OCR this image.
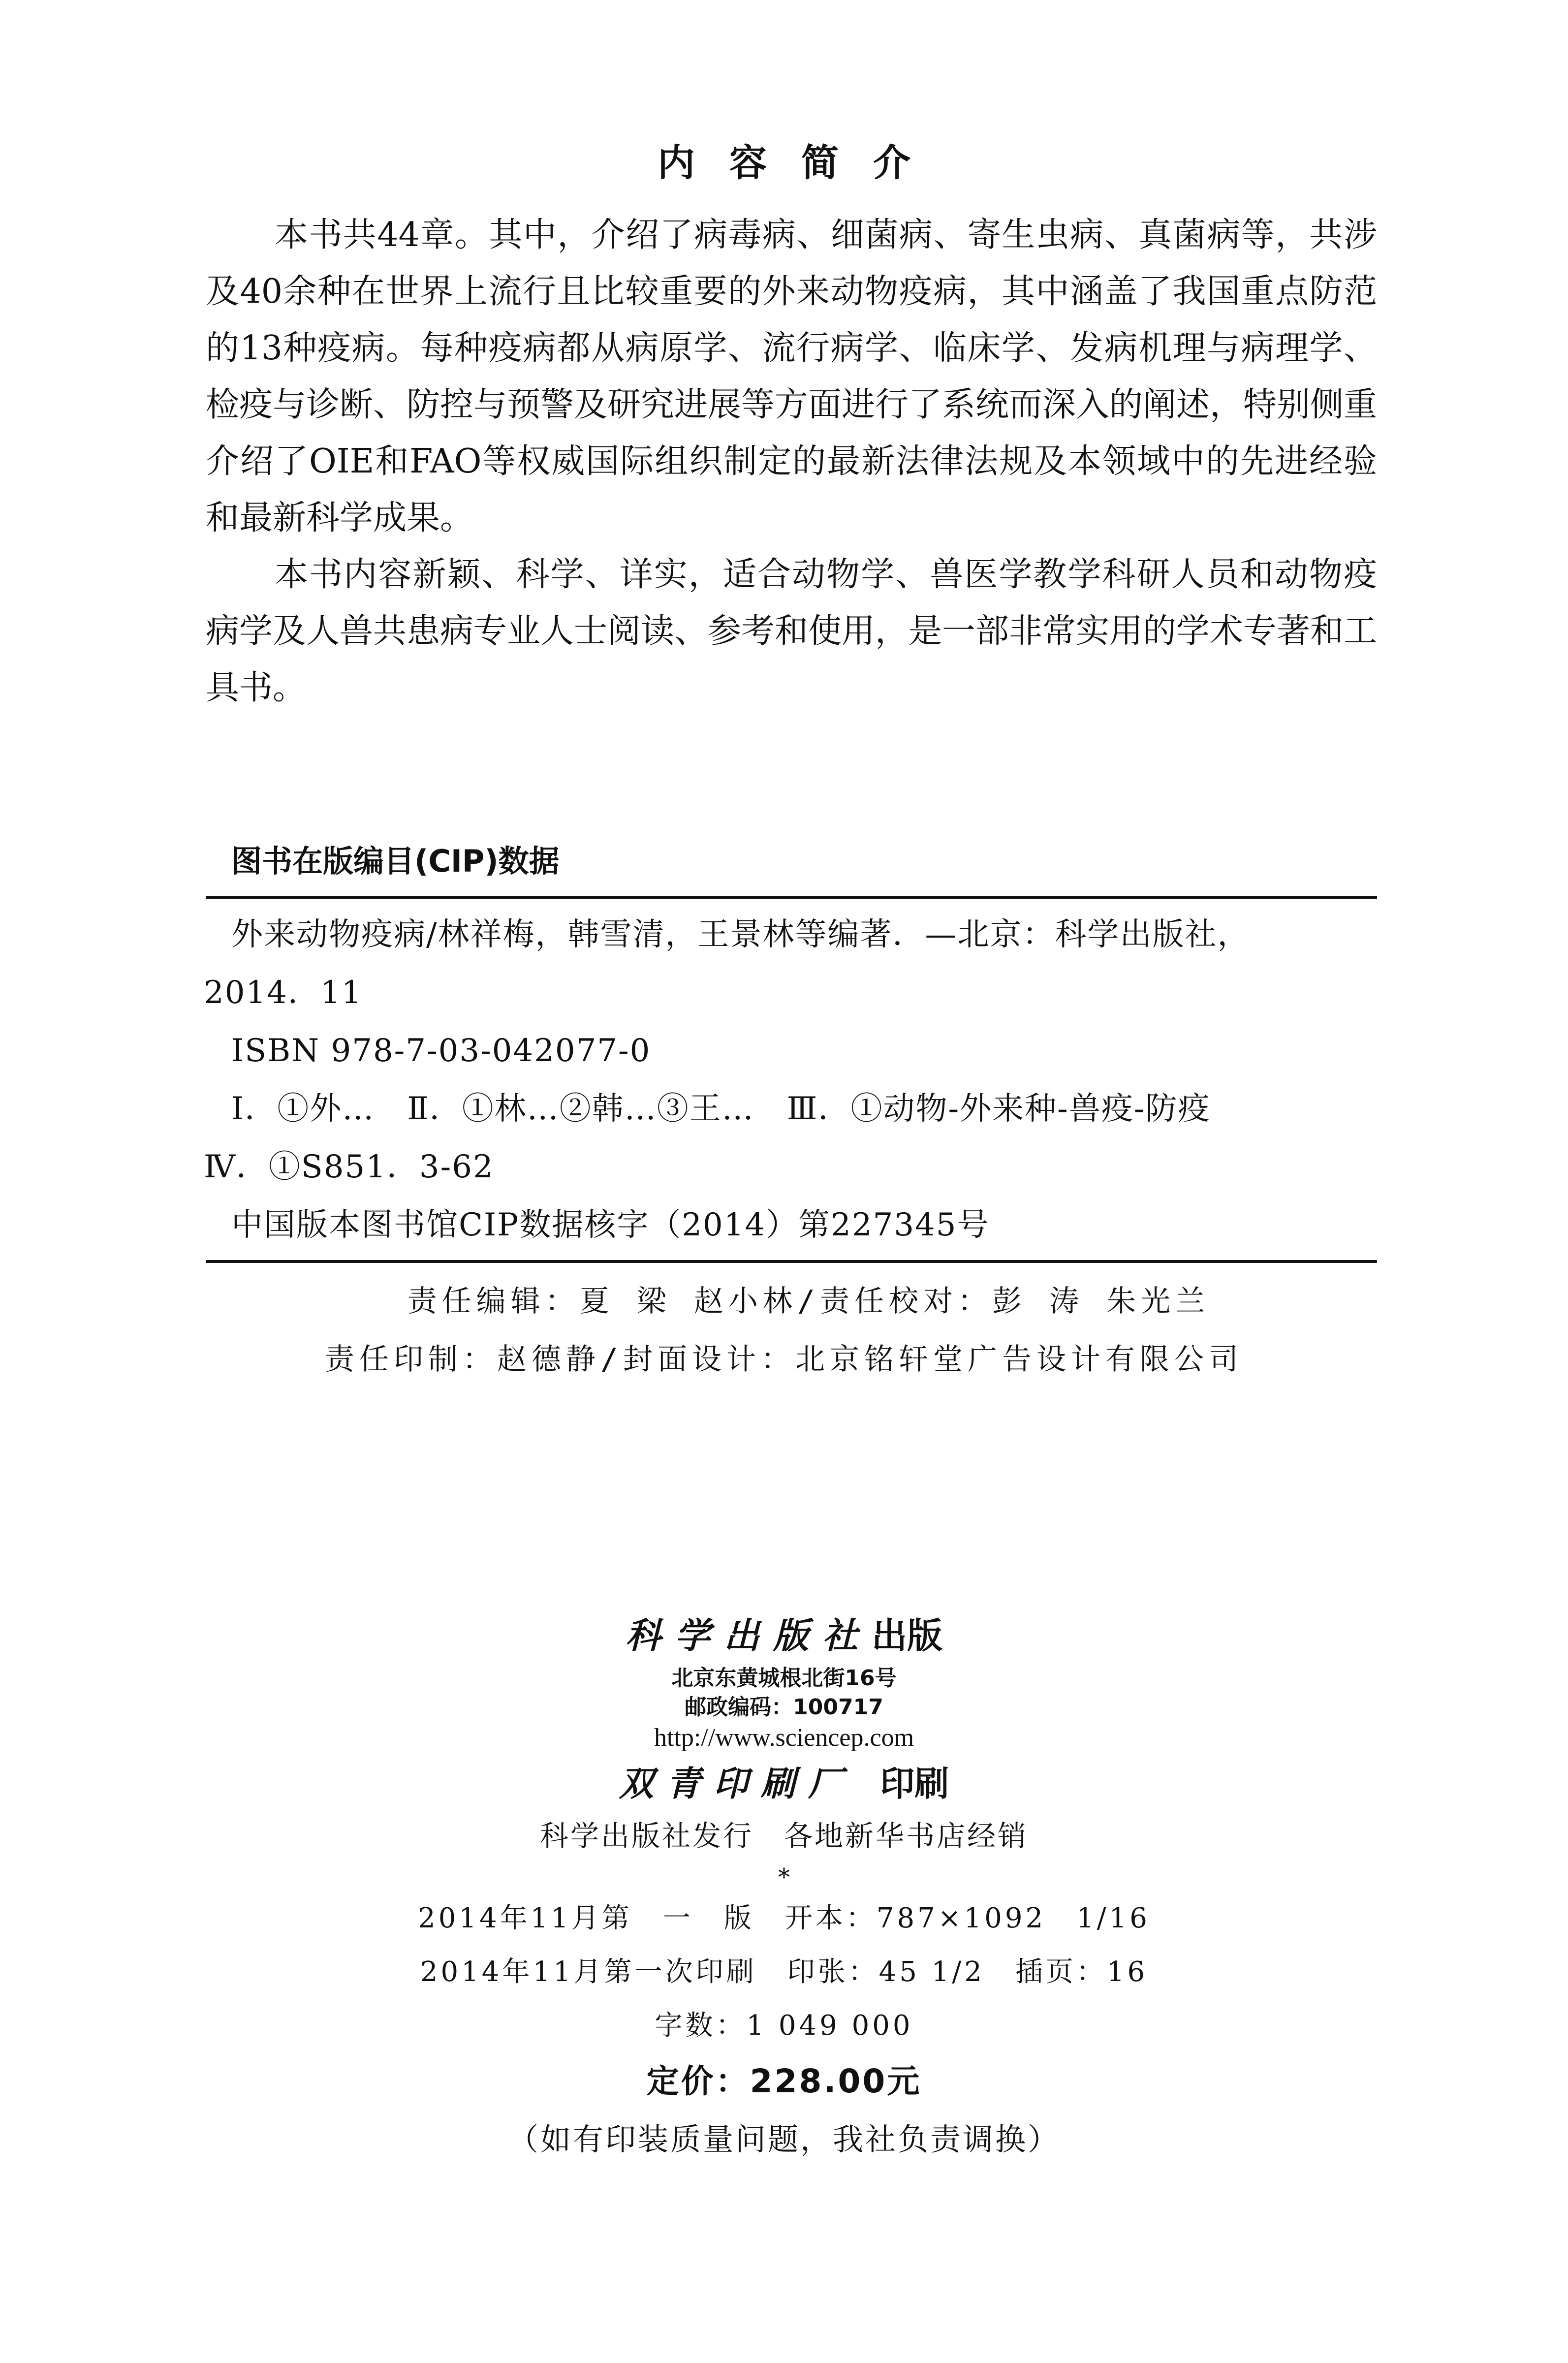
内容简介

本书共44章。其中，介绍了病毒病、细菌病、寄生虫病、真菌病等，共涉及40余种在世界上流行且比较重要的外来动物疫病，其中涵盖了我国重点防范的13种疫病。每种疫病都从病原学、流行病学、临床学、发病机理与病理学、检疫与诊断、防控与预警及研究进展等方面进行了系统而深入的阐述，特别侧重介绍了OIE和FAO等权威国际组织制定的最新法律法规及本领域中的先进经验和最新科学成果。

本书内容新颖、科学、详实，适合动物学、兽医学教学科研人员和动物疫病学及人兽共患病专业人士阅读、参考和使用，是一部非常实用的学术专著和工具书。

图书在版编目(CIP)数据
外来动物疫病/林祥梅，韩雪清，王景林等编著．—北京：科学出版社，
2014．11
ISBN 978-7-03-042077-0
Ⅰ．①外…　Ⅱ．①林…②韩…③王…　Ⅲ．①动物-外来种-兽疫-防疫
Ⅳ．①S851．3-62
中国版本图书馆CIP数据核字（2014）第227345号
责任编辑：夏 梁 赵小林/责任校对：彭 涛 朱光兰
责任印制：赵德静/封面设计：北京铭轩堂广告设计有限公司
科学出版社出版
北京东黄城根北街16号
邮政编码：100717
http://www.sciencep.com
双青印刷厂 印刷
科学出版社发行　各地新华书店经销
*
2014年11月第　一　版　开本：787×1092　1/16
2014年11月第一次印刷　印张：45 1/2　插页：16
字数：1 049 000
定价：228.00元
（如有印装质量问题，我社负责调换）
